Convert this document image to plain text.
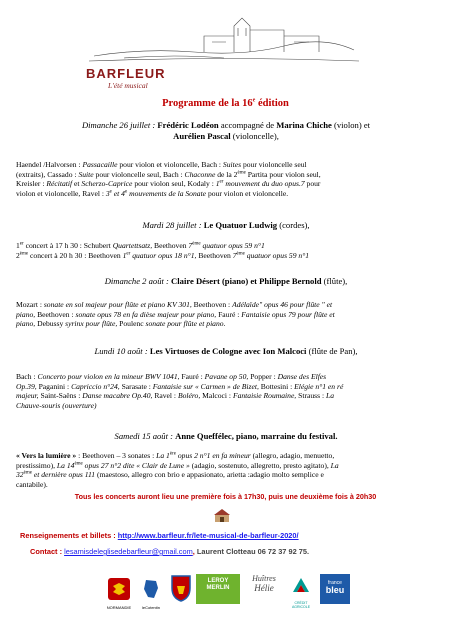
BARFLEUR
L'été musical
Programme de la 16e édition
Dimanche 26 juillet : Frédéric Lodéon accompagné de Marina Chiche (violon) et
Aurélien Pascal (violoncelle),
Haendel /Halvorsen : Passacaille pour violon et violoncelle, Bach : Suites pour violoncelle seul
(extraits), Cassado : Suite pour violoncelle seul, Bach : Chaconne de la 2ème Partita pour violon seul,
Kreisler : Récitatif et Scherzo-Caprice pour violon seul, Kodaly : 1er mouvement du duo opus.7 pour
violon et violoncelle, Ravel : 3e et 4e mouvements de la Sonate pour violon et violoncelle.
Mardi 28 juillet : Le Quatuor Ludwig (cordes),
1er concert à 17 h 30 : Schubert Quartettsatz, Beethoven 7ème quatuor opus 59 n°1
2ème concert à 20 h 30 : Beethoven 1er quatuor opus 18 n°1, Beethoven 7ème quatuor opus 59 n°1
Dimanche 2 août : Claire Désert (piano) et Philippe Bernold (flûte),
Mozart : sonate en sol majeur pour flûte et piano KV 301, Beethoven : Adélaïde" opus 46 pour flûte " et
piano, Beethoven : sonate opus 78 en fa dièse majeur pour piano, Fauré : Fantaisie opus 79 pour flûte et
piano, Debussy syrinx pour flûte, Poulenc sonate pour flûte et piano.
Lundi 10 août : Les Virtuoses de Cologne avec Ion Malcoci (flûte de Pan),
Bach : Concerto pour violon en la mineur BWV 1041, Fauré : Pavane op 50, Popper : Danse des Elfes
Op.39, Paganini : Capriccio n°24, Sarasate : Fantaisie sur « Carmen » de Bizet, Bottesini : Elégie n°1 en ré
majeur, Saint-Saëns : Danse macabre Op.40, Ravel : Boléro, Malcoci : Fantaisie Roumaine, Strauss : La
Chauve-souris (ouverture)
Samedi 15 août : Anne Queffélec, piano, marraine du festival.
« Vers la lumière » : Beethoven – 3 sonates : La 1ère opus 2 n°1 en fa mineur (allegro, adagio, menuetto,
prestissimo), La 14ème opus 27 n°2 dite « Clair de Lune » (adagio, sostenuto, allegretto, presto agitato), La
32ème et dernière opus 111 (maestoso, allegro con brio e appasionato, arietta :adagio molto semplice e
cantabile).
Tous les concerts auront lieu une première fois à 17h30, puis une deuxième fois à 20h30
Renseignements et billets : http://www.barfleur.fr/lete-musical-de-barfleur-2020/
Contact : lesamisdeleglisedebarfleur@gmail.com, Laurent Clotteau 06 72 37 92 75.
NORMANDIE	leCotentin
LEROY MERLIN
Huîtres
Hélie
CRÉDIT AGRICOLE
france
bleu
